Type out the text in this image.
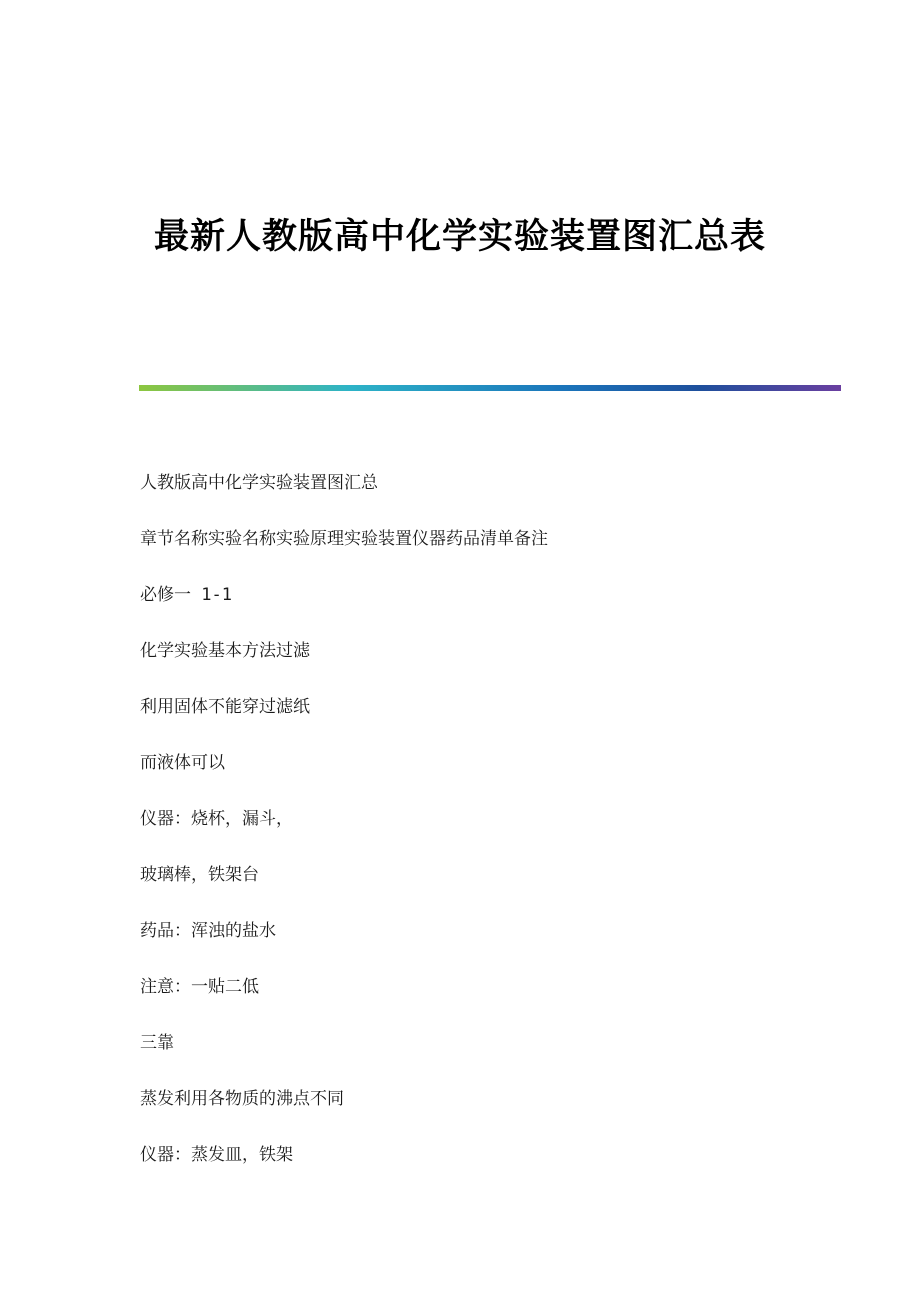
最新人教版高中化学实验装置图汇总表
人教版高中化学实验装置图汇总
章节名称实验名称实验原理实验装置仪器药品清单备注
必修一 1-1
化学实验基本方法过滤
利用固体不能穿过滤纸
而液体可以
仪器：烧杯，漏斗，
玻璃棒，铁架台
药品：浑浊的盐水
注意：一贴二低
三靠
蒸发利用各物质的沸点不同
仪器：蒸发皿，铁架
